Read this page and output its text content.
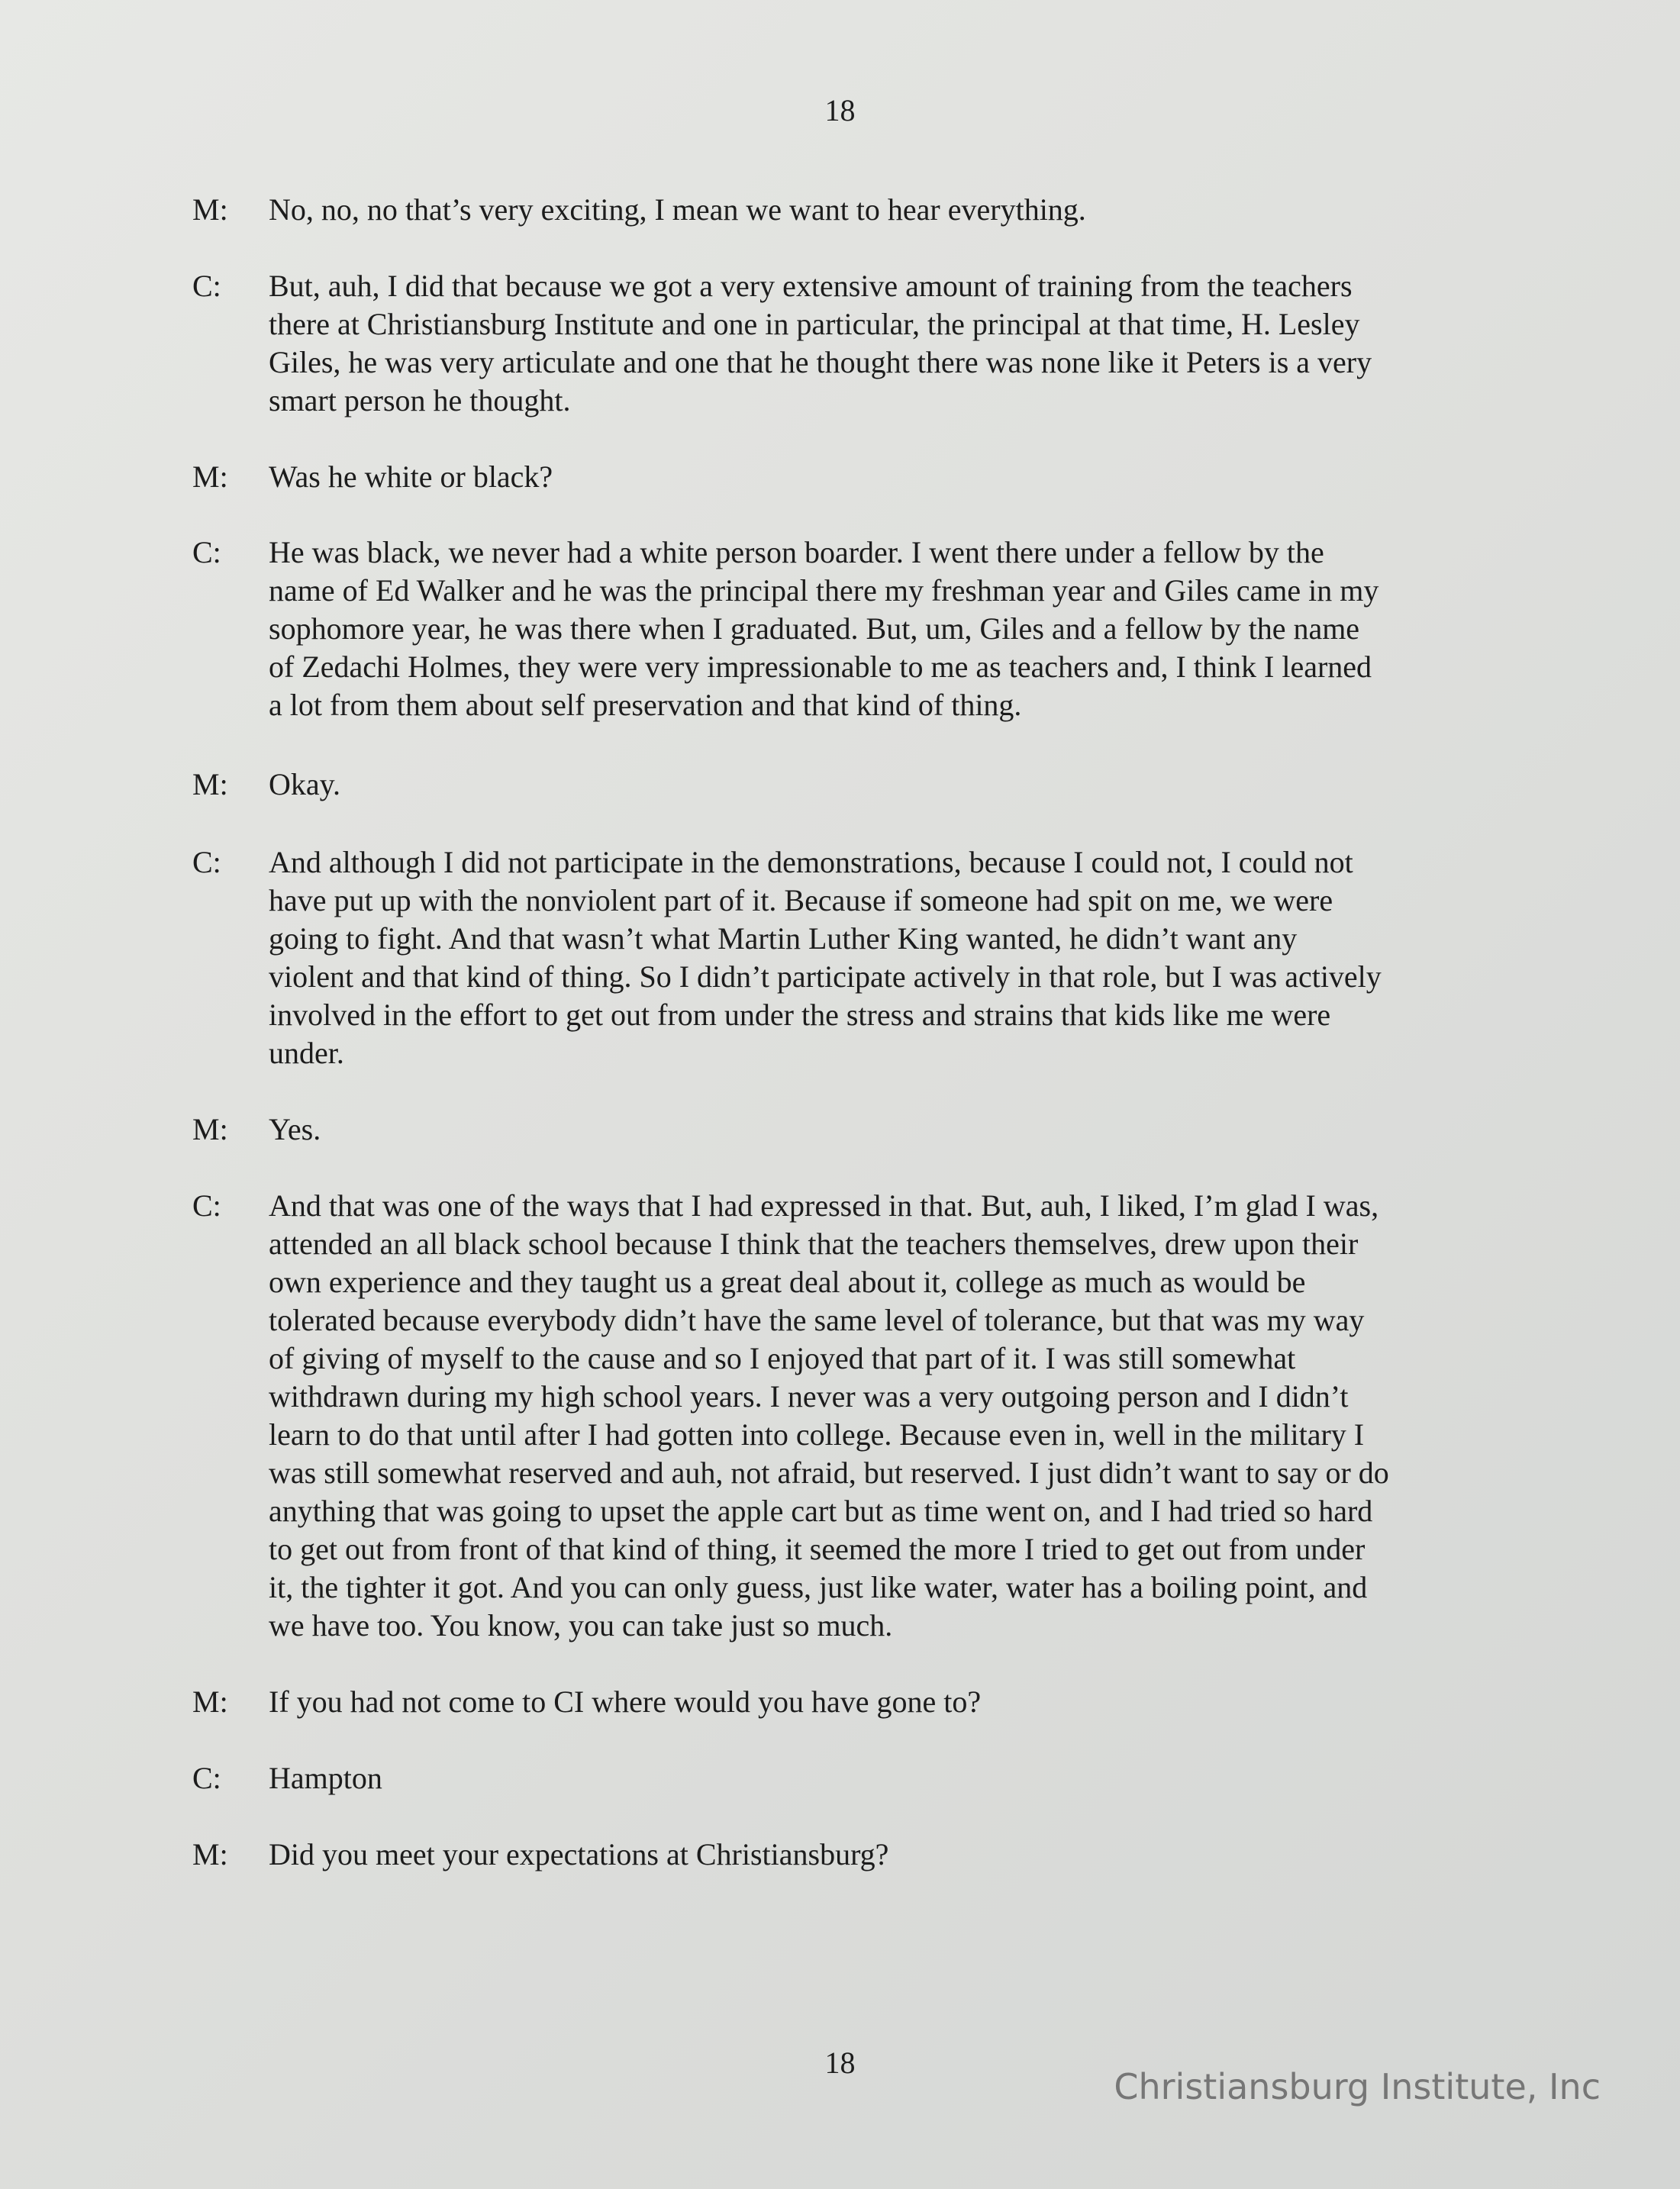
18
M:	No, no, no that’s very exciting, I mean we want to hear everything.
C:	But, auh, I did that because we got a very extensive amount of training from the teachers
there at Christiansburg Institute and one in particular, the principal at that time, H. Lesley
Giles, he was very articulate and one that he thought there was none like it Peters is a very
smart person he thought.
M:	Was he white or black?
C:	He was black, we never had a white person boarder. I went there under a fellow by the
name of Ed Walker and he was the principal there my freshman year and Giles came in my
sophomore year, he was there when I graduated. But, um, Giles and a fellow by the name
of Zedachi Holmes, they were very impressionable to me as teachers and, I think I learned
a lot from them about self preservation and that kind of thing.
M:	Okay.
C:	And although I did not participate in the demonstrations, because I could not, I could not
have put up with the nonviolent part of it. Because if someone had spit on me, we were
going to fight. And that wasn’t what Martin Luther King wanted, he didn’t want any
violent and that kind of thing. So I didn’t participate actively in that role, but I was actively
involved in the effort to get out from under the stress and strains that kids like me were
under.
M:	Yes.
C:	And that was one of the ways that I had expressed in that. But, auh, I liked, I’m glad I was,
attended an all black school because I think that the teachers themselves, drew upon their
own experience and they taught us a great deal about it, college as much as would be
tolerated because everybody didn’t have the same level of tolerance, but that was my way
of giving of myself to the cause and so I enjoyed that part of it. I was still somewhat
withdrawn during my high school years. I never was a very outgoing person and I didn’t
learn to do that until after I had gotten into college. Because even in, well in the military I
was still somewhat reserved and auh, not afraid, but reserved. I just didn’t want to say or do
anything that was going to upset the apple cart but as time went on, and I had tried so hard
to get out from front of that kind of thing, it seemed the more I tried to get out from under
it, the tighter it got. And you can only guess, just like water, water has a boiling point, and
we have too. You know, you can take just so much.
M:	If you had not come to CI where would you have gone to?
C:	Hampton
M:	Did you meet your expectations at Christiansburg?
18
Christiansburg Institute, Inc
